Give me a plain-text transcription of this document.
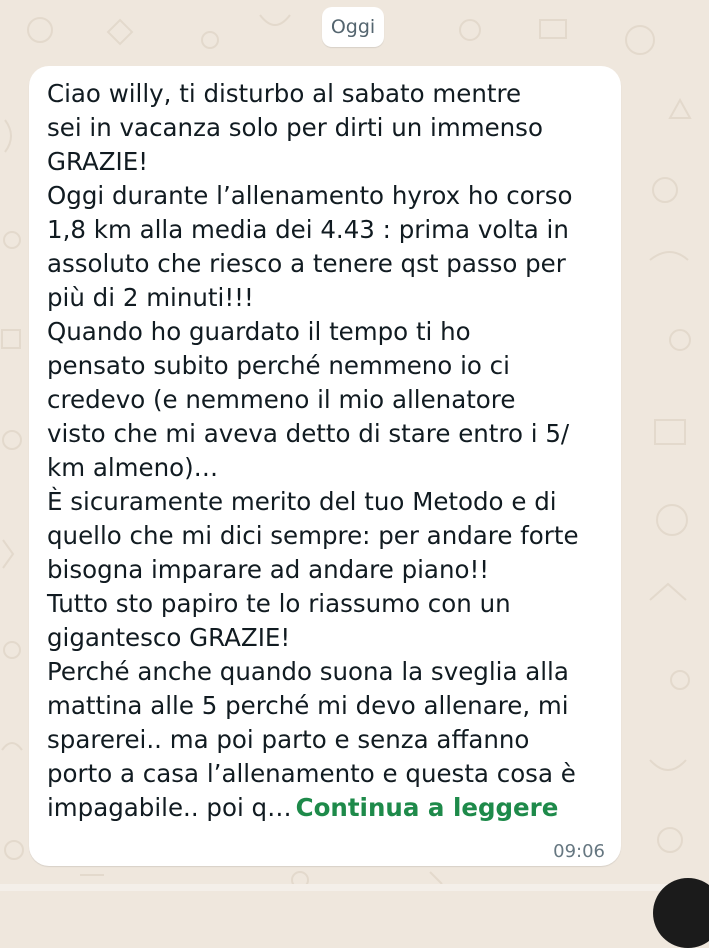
Oggi
Ciao willy, ti disturbo al sabato mentre
sei in vacanza solo per dirti un immenso
GRAZIE!
Oggi durante l’allenamento hyrox ho corso
1,8 km alla media dei 4.43 : prima volta in
assoluto che riesco a tenere qst passo per
più di 2 minuti!!!
Quando ho guardato il tempo ti ho
pensato subito perché nemmeno io ci
credevo (e nemmeno il mio allenatore
visto che mi aveva detto di stare entro i 5/
km almeno)…
È sicuramente merito del tuo Metodo e di
quello che mi dici sempre: per andare forte
bisogna imparare ad andare piano!!
Tutto sto papiro te lo riassumo con un
gigantesco GRAZIE!
Perché anche quando suona la sveglia alla
mattina alle 5 perché mi devo allenare, mi
sparerei.. ma poi parto e senza affanno
porto a casa l’allenamento e questa cosa è
impagabile.. poi q… Continua a leggere
09:06
